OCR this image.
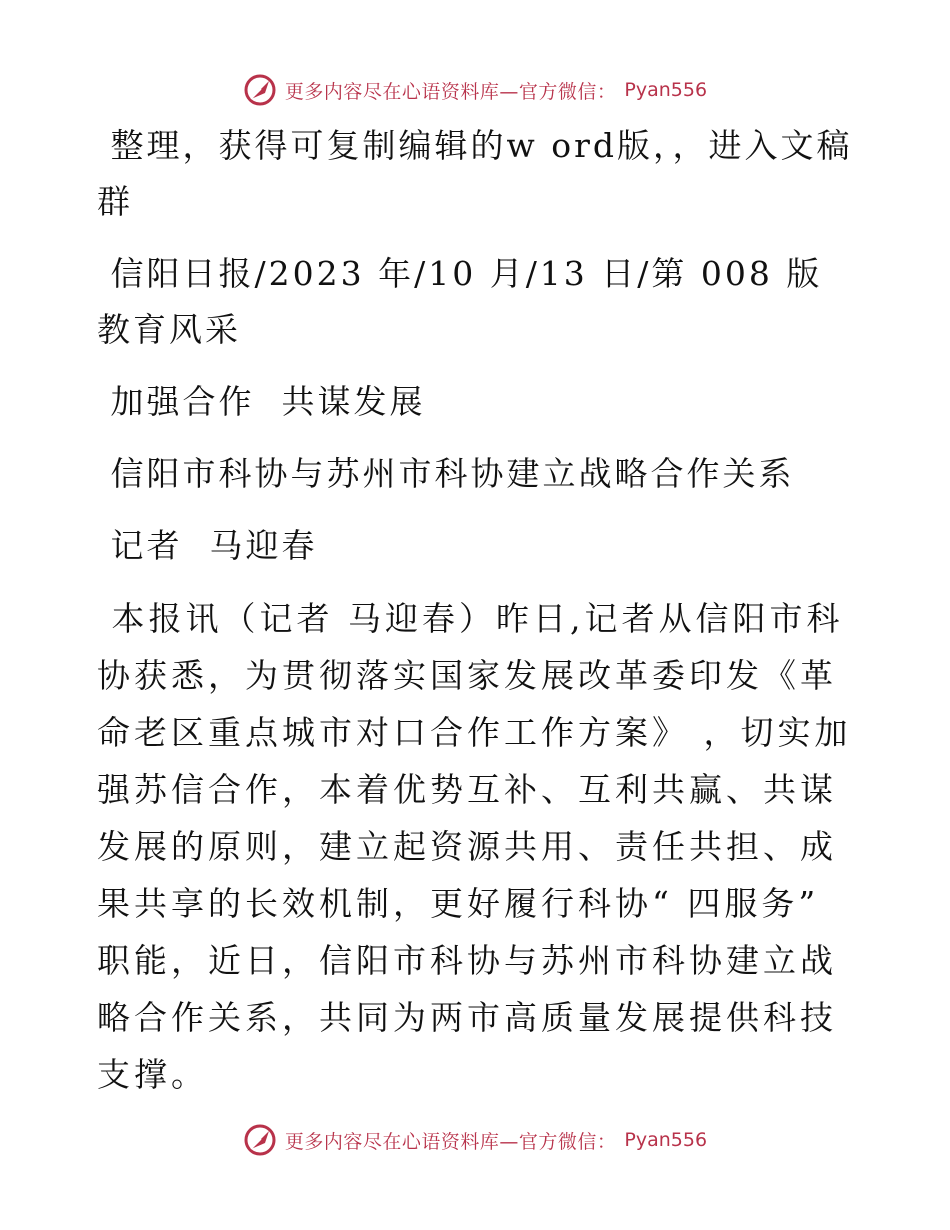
更多内容尽在心语资料库—官方微信： Pyan556

整理，获得可复制编辑的w ord版，，进入文稿群

信阳日报/2023 年/10 月/13 日/第 008 版教育风采

加强合作  共谋发展

信阳市科协与苏州市科协建立战略合作关系

记者  马迎春

本报讯（记者 马迎春）昨日,记者从信阳市科协获悉，为贯彻落实国家发展改革委印发《革命老区重点城市对口合作工作方案》 ，切实加强苏信合作，本着优势互补、互利共赢、共谋发展的原则，建立起资源共用、责任共担、成果共享的长效机制，更好履行科协“ 四服务” 职能，近日，信阳市科协与苏州市科协建立战略合作关系，共同为两市高质量发展提供科技支撑。

更多内容尽在心语资料库—官方微信： Pyan556
